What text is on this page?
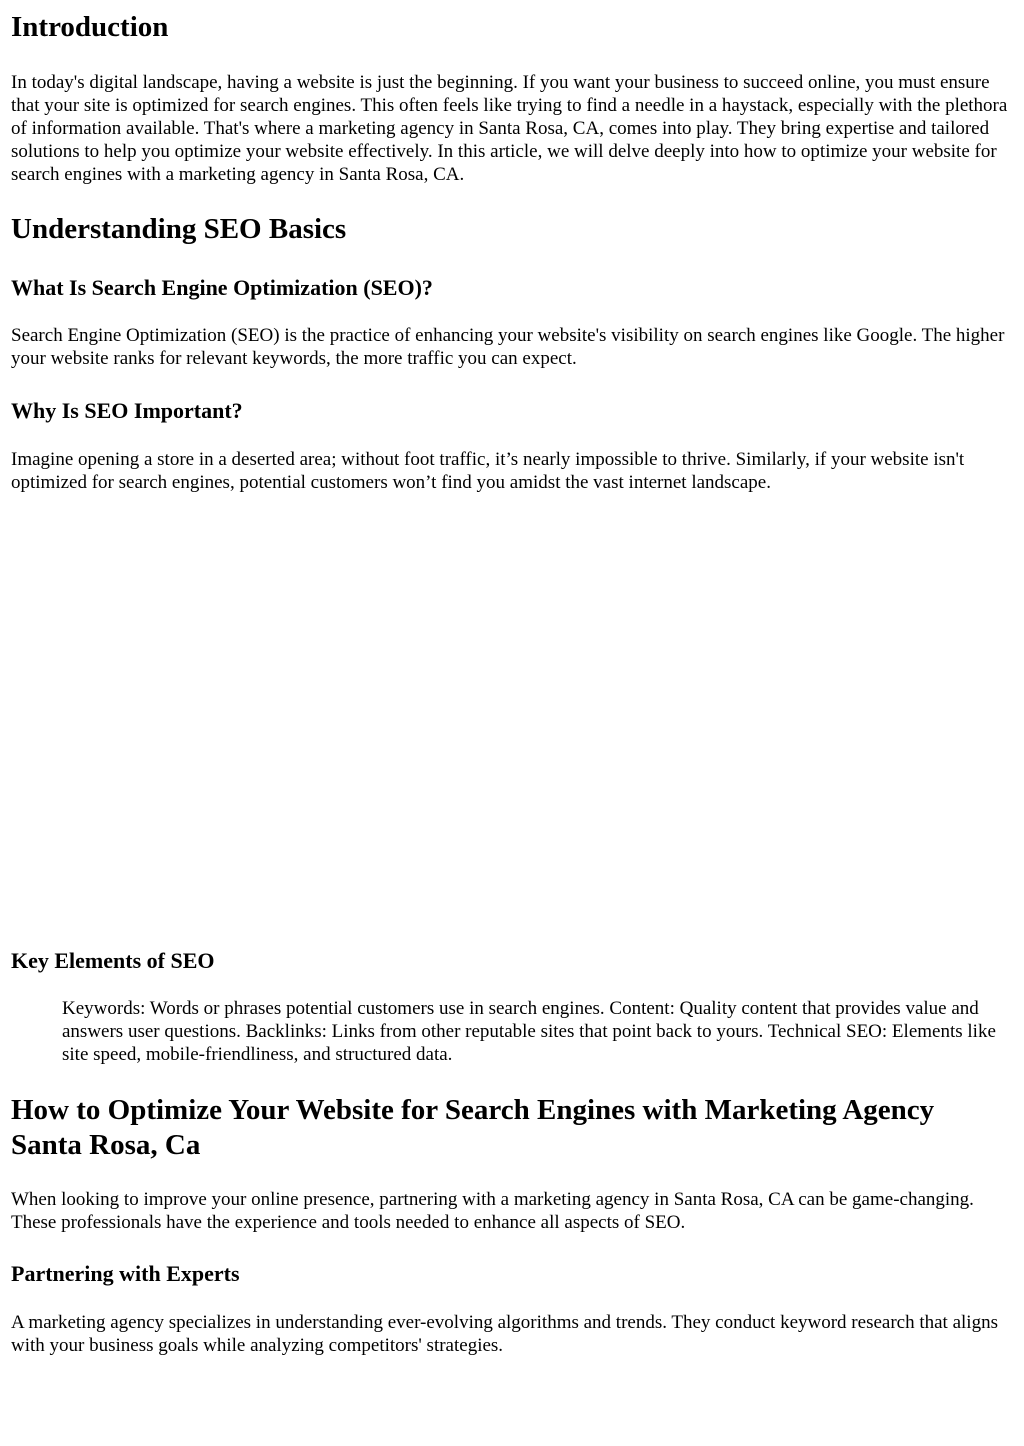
Introduction

In today's digital landscape, having a website is just the beginning. If you want your business to succeed online, you must ensure that your site is optimized for search engines. This often feels like trying to find a needle in a haystack, especially with the plethora of information available. That's where a marketing agency in Santa Rosa, CA, comes into play. They bring expertise and tailored solutions to help you optimize your website effectively. In this article, we will delve deeply into how to optimize your website for search engines with a marketing agency in Santa Rosa, CA.

Understanding SEO Basics
What Is Search Engine Optimization (SEO)?

Search Engine Optimization (SEO) is the practice of enhancing your website's visibility on search engines like Google. The higher your website ranks for relevant keywords, the more traffic you can expect.

Why Is SEO Important?

Imagine opening a store in a deserted area; without foot traffic, it’s nearly impossible to thrive. Similarly, if your website isn't optimized for search engines, potential customers won’t find you amidst the vast internet landscape.

Key Elements of SEO

Keywords: Words or phrases potential customers use in search engines. Content: Quality content that provides value and answers user questions. Backlinks: Links from other reputable sites that point back to yours. Technical SEO: Elements like site speed, mobile-friendliness, and structured data.

How to Optimize Your Website for Search Engines with Marketing Agency Santa Rosa, Ca

When looking to improve your online presence, partnering with a marketing agency in Santa Rosa, CA can be game-changing. These professionals have the experience and tools needed to enhance all aspects of SEO.

Partnering with Experts

A marketing agency specializes in understanding ever-evolving algorithms and trends. They conduct keyword research that aligns with your business goals while analyzing competitors' strategies.
